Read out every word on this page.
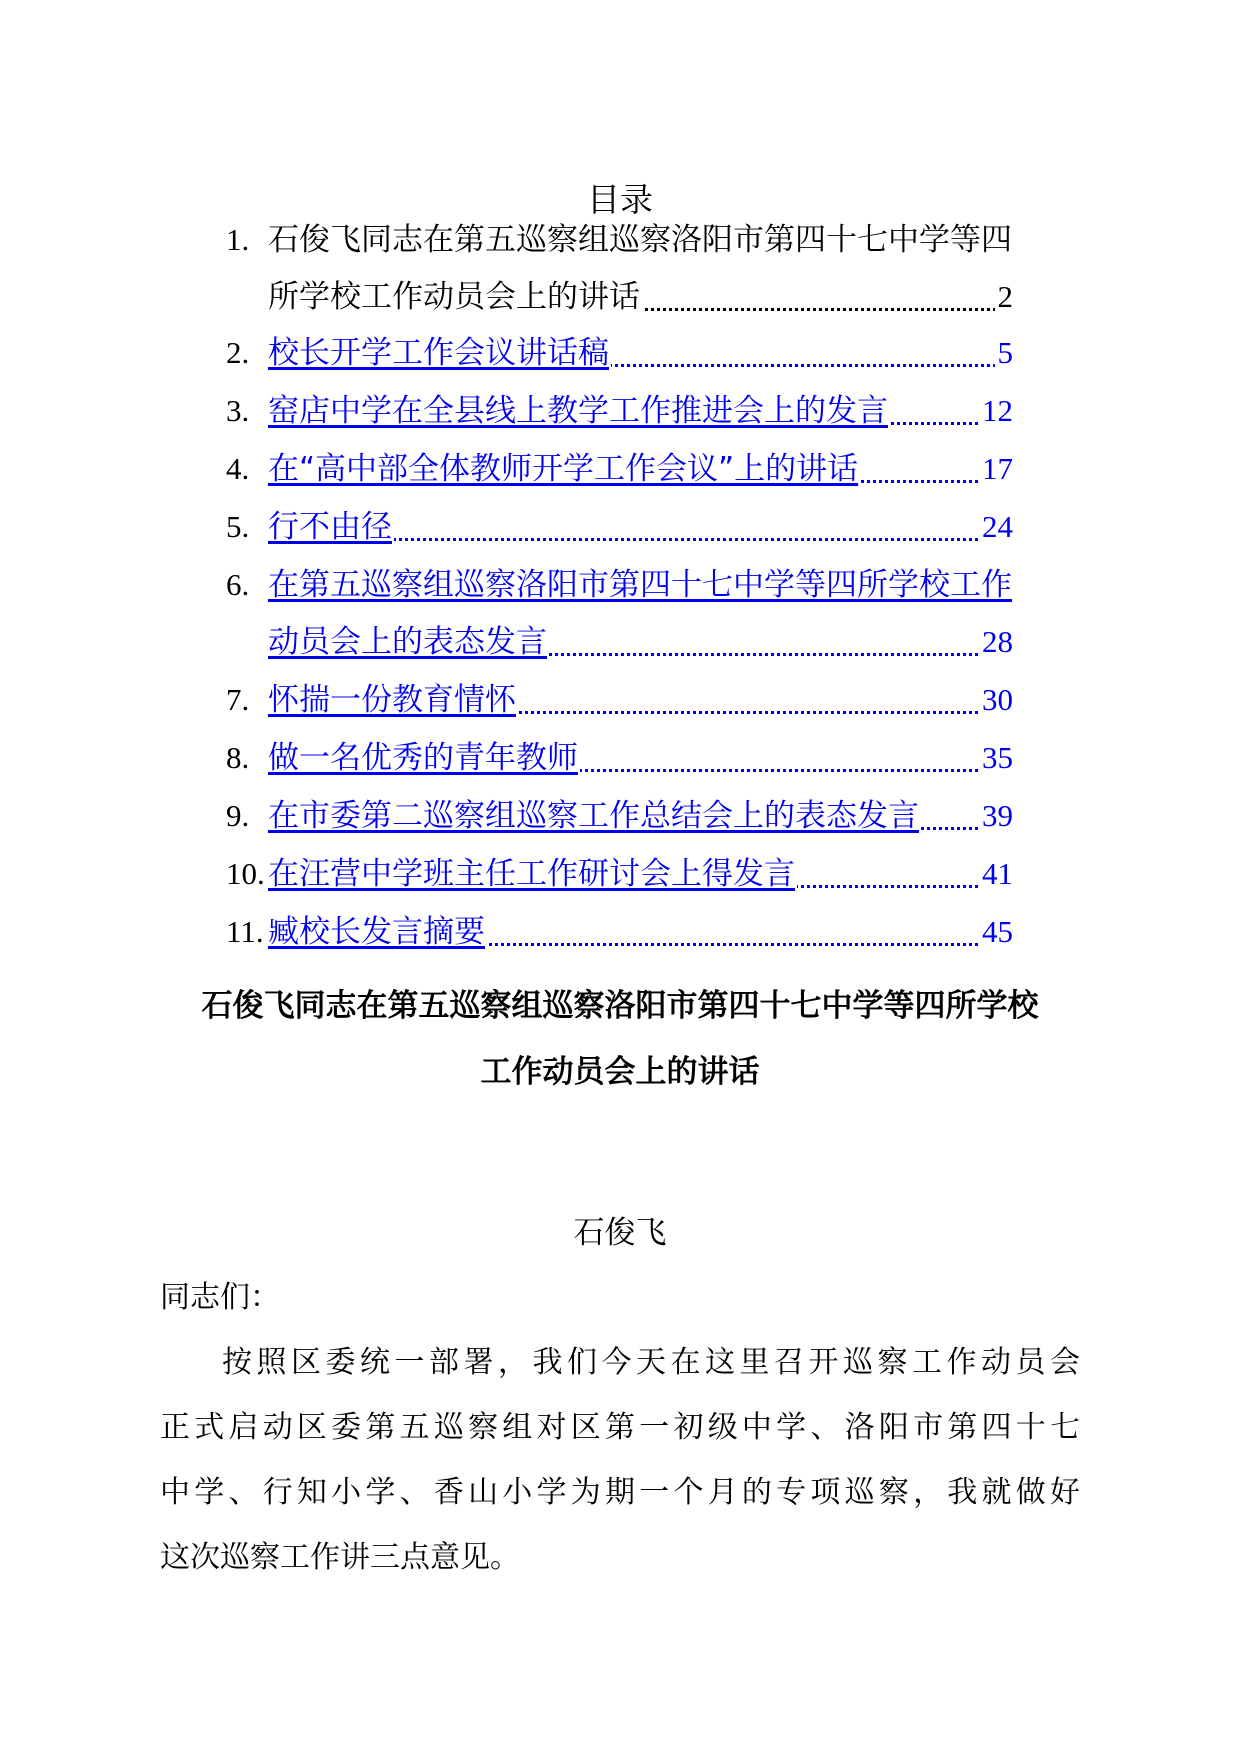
目录
1. 石俊飞同志在第五巡察组巡察洛阳市第四十七中学等四
所学校工作动员会上的讲话	2
2. 校长开学工作会议讲话稿	5
3. 窑店中学在全县线上教学工作推进会上的发言	12
4. 在“高中部全体教师开学工作会议”上的讲话	17
5. 行不由径	24
6. 在第五巡察组巡察洛阳市第四十七中学等四所学校工作
动员会上的表态发言	28
7. 怀揣一份教育情怀	30
8. 做一名优秀的青年教师	35
9. 在市委第二巡察组巡察工作总结会上的表态发言 39
10. 在汪营中学班主任工作研讨会上得发言	41
11. 臧校长发言摘要	45
石俊飞同志在第五巡察组巡察洛阳市第四十七中学等四所学校
工作动员会上的讲话
石俊飞
同志们：
按照区委统一部署，我们今天在这里召开巡察工作动员会
正式启动区委第五巡察组对区第一初级中学、洛阳市第四十七
中学、行知小学、香山小学为期一个月的专项巡察，我就做好
这次巡察工作讲三点意见。
